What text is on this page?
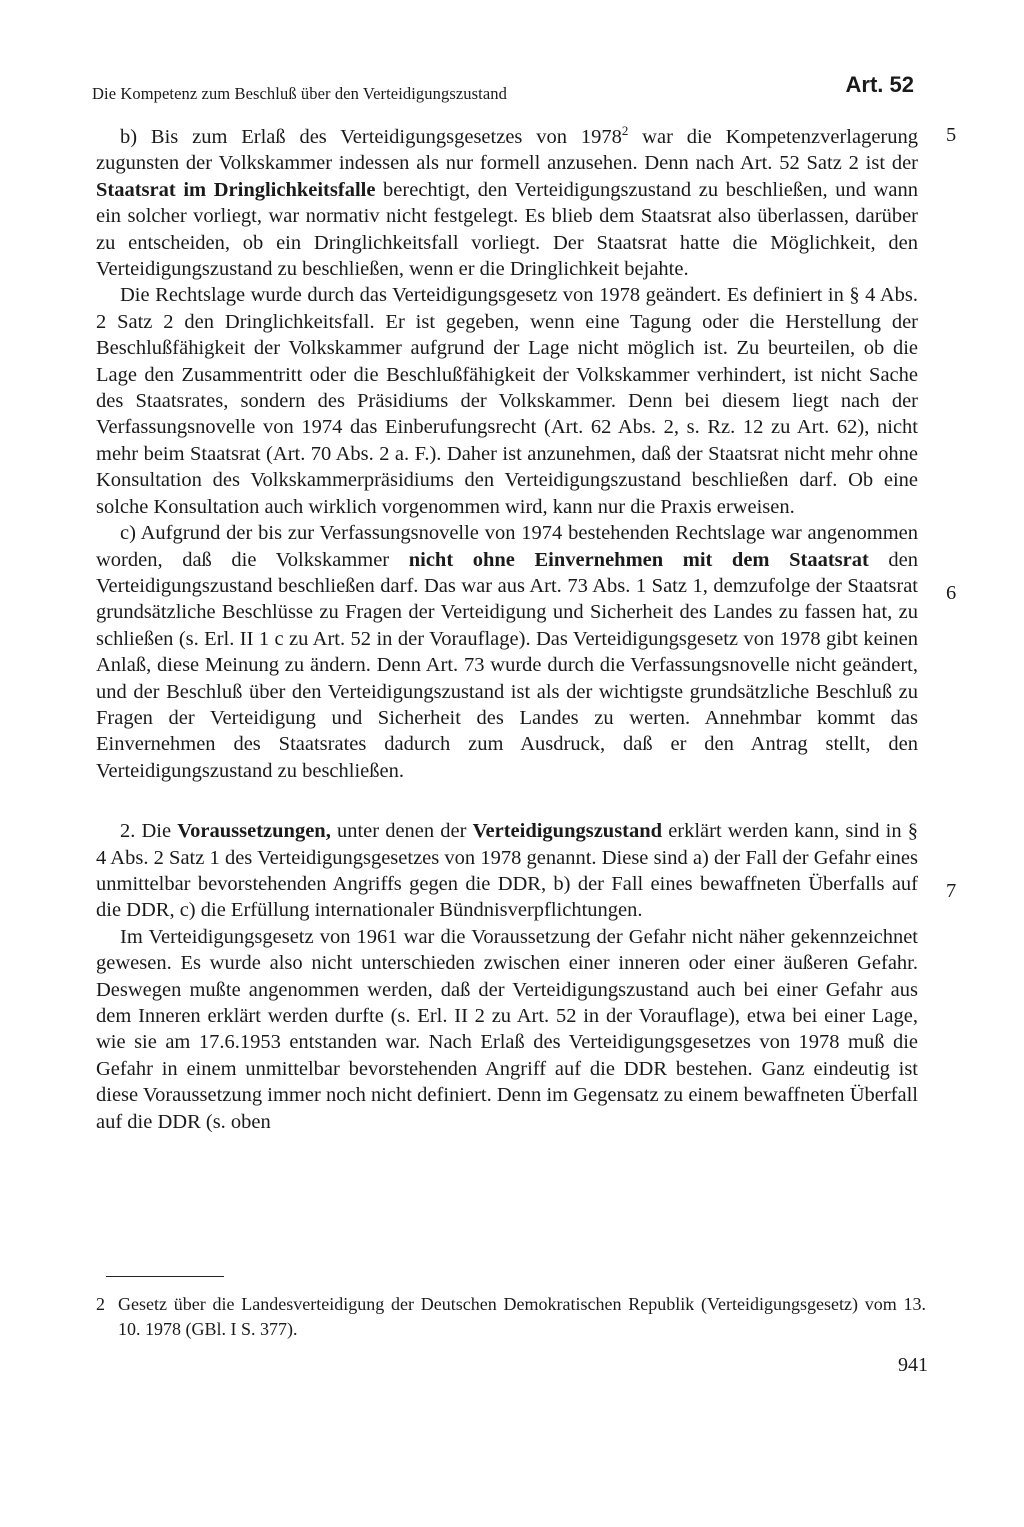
Die Kompetenz zum Beschluß über den Verteidigungszustand	Art. 52
5
6
7

b) Bis zum Erlaß des Verteidigungsgesetzes von 1978$^2$ war die Kompetenzverlagerung zugunsten der Volkskammer indessen als nur formell anzusehen. Denn nach Art. 52 Satz 2 ist der Staatsrat im Dringlichkeitsfalle berechtigt, den Verteidigungszustand zu beschließen, und wann ein solcher vorliegt, war normativ nicht festgelegt. Es blieb dem Staatsrat also überlassen, darüber zu entscheiden, ob ein Dringlichkeitsfall vorliegt. Der Staatsrat hatte die Möglichkeit, den Verteidigungszustand zu beschließen, wenn er die Dringlichkeit bejahte.

Die Rechtslage wurde durch das Verteidigungsgesetz von 1978 geändert. Es definiert in § 4 Abs. 2 Satz 2 den Dringlichkeitsfall. Er ist gegeben, wenn eine Tagung oder die Herstellung der Beschlußfähigkeit der Volkskammer aufgrund der Lage nicht möglich ist. Zu beurteilen, ob die Lage den Zusammentritt oder die Beschlußfähigkeit der Volkskammer verhindert, ist nicht Sache des Staatsrates, sondern des Präsidiums der Volkskammer. Denn bei diesem liegt nach der Verfassungsnovelle von 1974 das Einberufungsrecht (Art. 62 Abs. 2, s. Rz. 12 zu Art. 62), nicht mehr beim Staatsrat (Art. 70 Abs. 2 a. F.). Daher ist anzunehmen, daß der Staatsrat nicht mehr ohne Konsultation des Volkskammerpräsidiums den Verteidigungszustand beschließen darf. Ob eine solche Konsultation auch wirklich vorgenommen wird, kann nur die Praxis erweisen.

c) Aufgrund der bis zur Verfassungsnovelle von 1974 bestehenden Rechtslage war angenommen worden, daß die Volkskammer nicht ohne Einvernehmen mit dem Staatsrat den Verteidigungszustand beschließen darf. Das war aus Art. 73 Abs. 1 Satz 1, demzufolge der Staatsrat grundsätzliche Beschlüsse zu Fragen der Verteidigung und Sicherheit des Landes zu fassen hat, zu schließen (s. Erl. II 1 c zu Art. 52 in der Vorauflage). Das Verteidigungsgesetz von 1978 gibt keinen Anlaß, diese Meinung zu ändern. Denn Art. 73 wurde durch die Verfassungsnovelle nicht geändert, und der Beschluß über den Verteidigungszustand ist als der wichtigste grundsätzliche Beschluß zu Fragen der Verteidigung und Sicherheit des Landes zu werten. Annehmbar kommt das Einvernehmen des Staatsrates dadurch zum Ausdruck, daß er den Antrag stellt, den Verteidigungszustand zu beschließen.

2. Die Voraussetzungen, unter denen der Verteidigungszustand erklärt werden kann, sind in § 4 Abs. 2 Satz 1 des Verteidigungsgesetzes von 1978 genannt. Diese sind a) der Fall der Gefahr eines unmittelbar bevorstehenden Angriffs gegen die DDR, b) der Fall eines bewaffneten Überfalls auf die DDR, c) die Erfüllung internationaler Bündnisverpflichtungen.

Im Verteidigungsgesetz von 1961 war die Voraussetzung der Gefahr nicht näher gekennzeichnet gewesen. Es wurde also nicht unterschieden zwischen einer inneren oder einer äußeren Gefahr. Deswegen mußte angenommen werden, daß der Verteidigungszustand auch bei einer Gefahr aus dem Inneren erklärt werden durfte (s. Erl. II 2 zu Art. 52 in der Vorauflage), etwa bei einer Lage, wie sie am 17.6.1953 entstanden war. Nach Erlaß des Verteidigungsgesetzes von 1978 muß die Gefahr in einem unmittelbar bevorstehenden Angriff auf die DDR bestehen. Ganz eindeutig ist diese Voraussetzung immer noch nicht definiert. Denn im Gegensatz zu einem bewaffneten Überfall auf die DDR (s. oben

2 Gesetz über die Landesverteidigung der Deutschen Demokratischen Republik (Verteidigungsgesetz) vom 13. 10. 1978 (GBl. I S. 377).
941
